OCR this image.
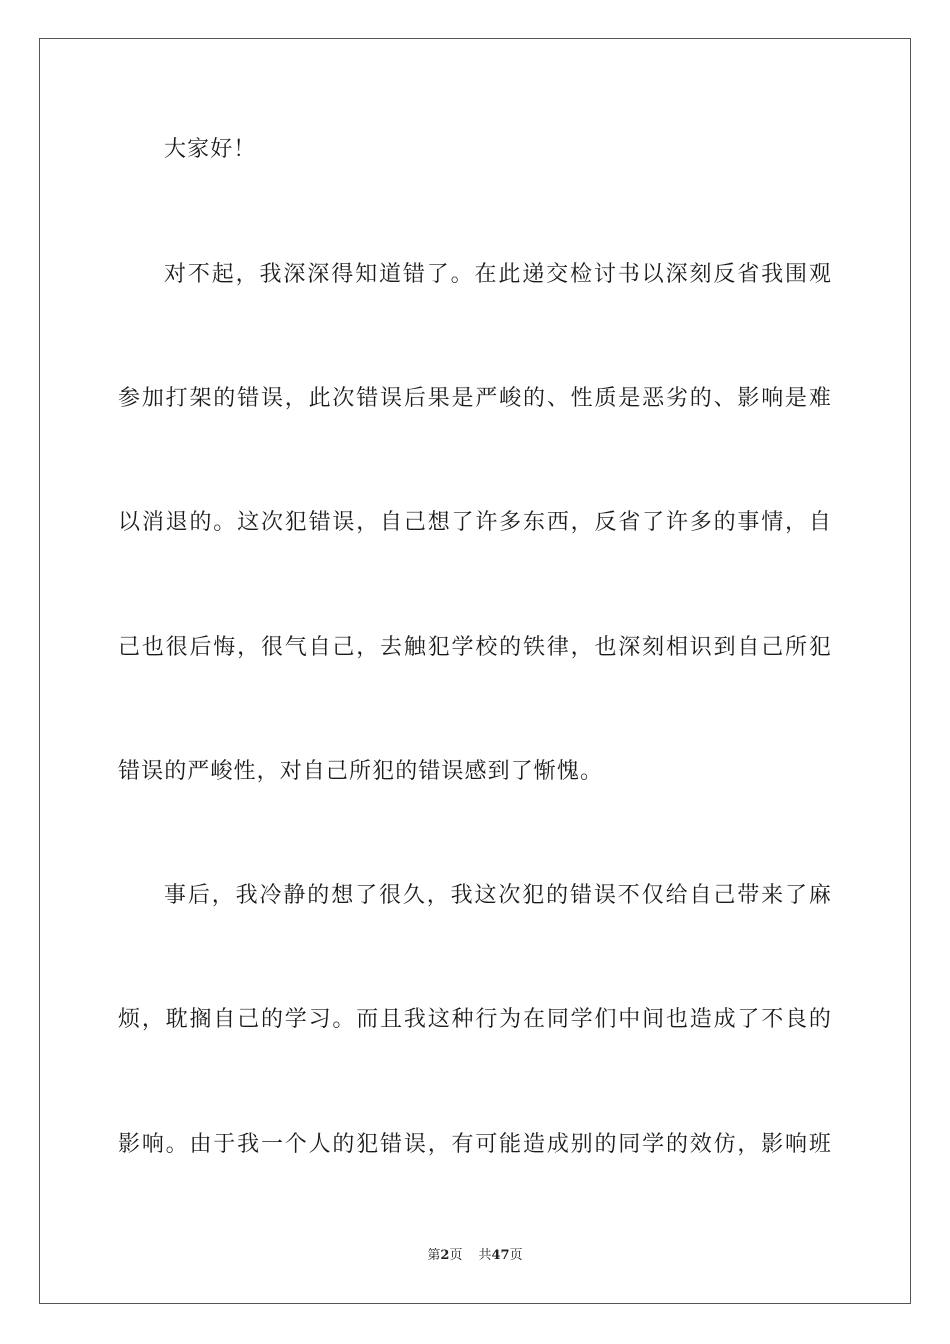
大家好！
对不起，我深深得知道错了。在此递交检讨书以深刻反省我围观
参加打架的错误，此次错误后果是严峻的、性质是恶劣的、影响是难
以消退的。这次犯错误，自己想了许多东西，反省了许多的事情，自
己也很后悔，很气自己，去触犯学校的铁律，也深刻相识到自己所犯
错误的严峻性，对自己所犯的错误感到了惭愧。
事后，我冷静的想了很久，我这次犯的错误不仅给自己带来了麻
烦，耽搁自己的学习。而且我这种行为在同学们中间也造成了不良的
影响。由于我一个人的犯错误，有可能造成别的同学的效仿，影响班
第2页 共47页
